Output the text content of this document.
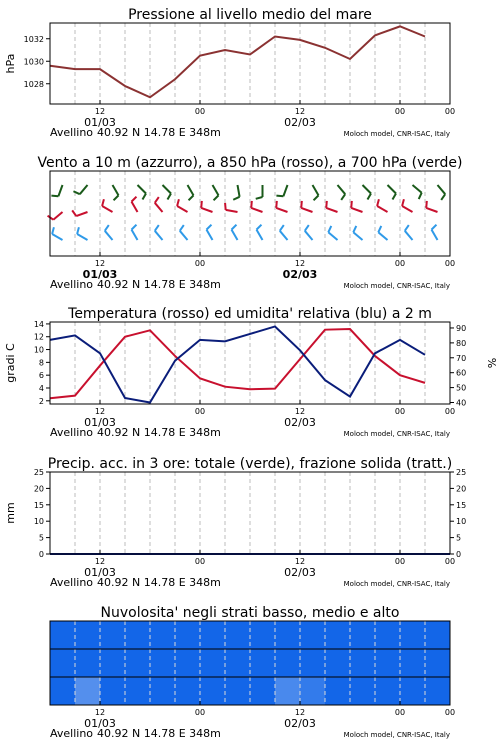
Pressione al livello medio del mare
1028
1030
1032
hPa
12	00	12	00	00
01/03	02/03
Avellino 40.92 N 14.78 E 348m	Moloch model, CNR-ISAC, Italy
Vento a 10 m (azzurro), a 850 hPa (rosso), a 700 hPa (verde)
12	00	12	00	00
01/03	02/03
Avellino 40.92 N 14.78 E 348m	Moloch model, CNR-ISAC, Italy
Temperatura (rosso) ed umidita' relativa (blu) a 2 m
2
4
6
8
10
12
14
40
50
60
70
80
90
gradi C	%
12	00	12	00	00
01/03	02/03
Avellino 40.92 N 14.78 E 348m	Moloch model, CNR-ISAC, Italy
Precip. acc. in 3 ore: totale (verde), frazione solida (tratt.)
0
5
10
15
20
25
0
5
10
15
20
25
mm
12	00	12	00	00
01/03	02/03
Avellino 40.92 N 14.78 E 348m	Moloch model, CNR-ISAC, Italy
Nuvolosita' negli strati basso, medio e alto
12	00	12	00	00
01/03	02/03
Avellino 40.92 N 14.78 E 348m	Moloch model, CNR-ISAC, Italy
